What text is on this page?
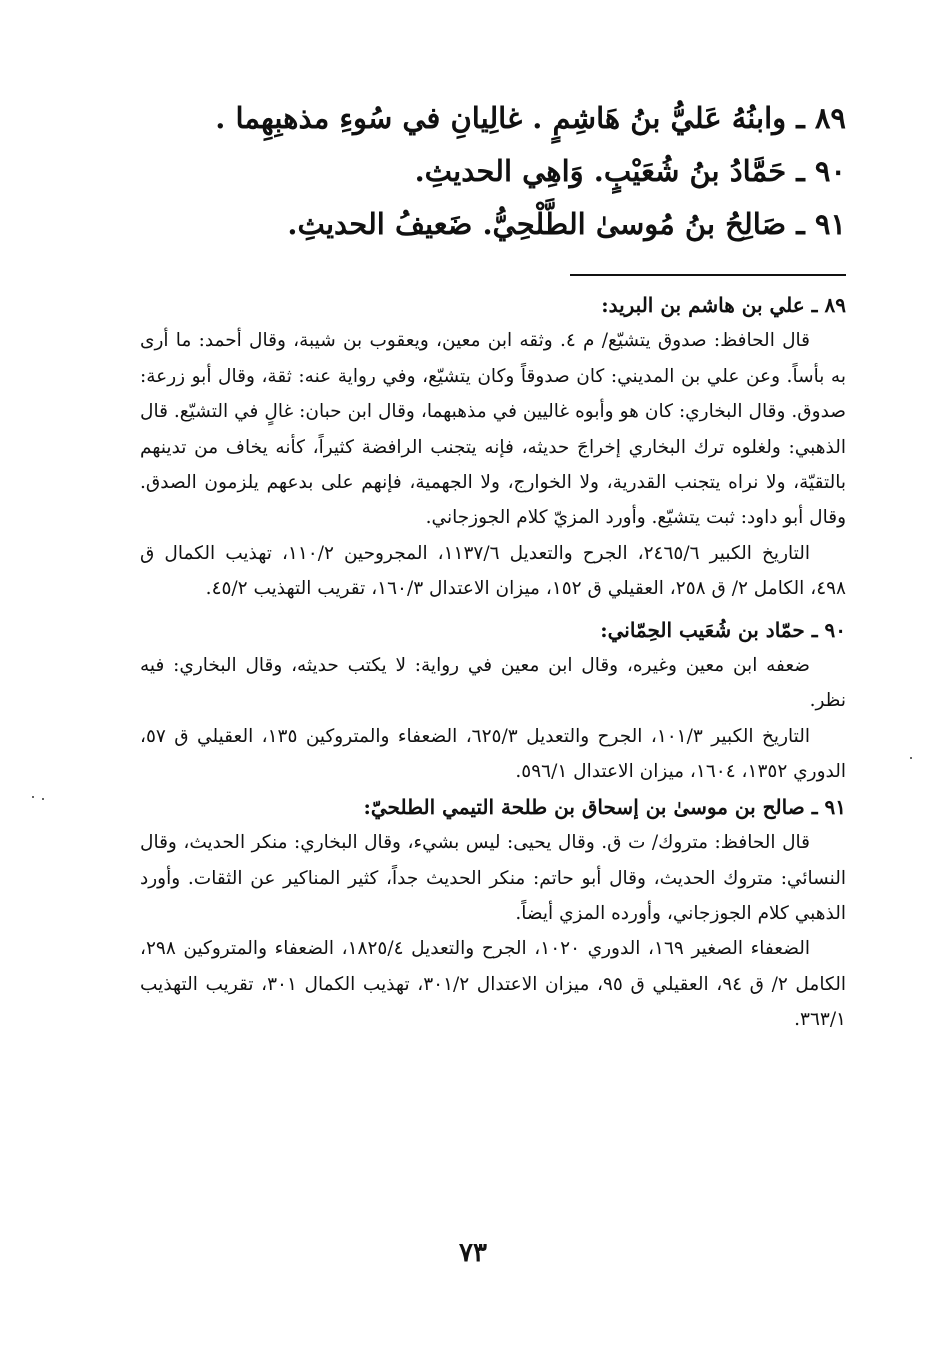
٨٩ ـ وابنُهُ عَليُّ بنُ هَاشِمٍ . غالِيانِ في سُوءِ مذهبِهِما .
٩٠ ـ حَمَّادُ بنُ شُعَيْبٍ. وَاهِي الحديثِ.
٩١ ـ صَالِحُ بنُ مُوسىٰ الطَّلْحِيُّ. ضَعيفُ الحديثِ.

٨٩ ـ علي بن هاشم بن البريد:

قال الحافظ: صدوق يتشيّع/ م ٤. وثقه ابن معين، ويعقوب بن شيبة، وقال أحمد: ما أرى به بأساً. وعن علي بن المديني: كان صدوقاً وكان يتشيّع، وفي رواية عنه: ثقة، وقال أبو زرعة: صدوق. وقال البخاري: كان هو وأبوه غاليين في مذهبهما، وقال ابن حبان: غالٍ في التشيّع. قال الذهبي: ولغلوه ترك البخاري إخراجَ حديثه، فإنه يتجنب الرافضة كثيراً، كأنه يخاف من تدينهم بالتقيّة، ولا نراه يتجنب القدرية، ولا الخوارج، ولا الجهمية، فإنهم على بدعهم يلزمون الصدق. وقال أبو داود: ثبت يتشيّع. وأورد المزيّ كلام الجوزجاني.

التاريخ الكبير ٢٤٦٥/٦، الجرح والتعديل ١١٣٧/٦، المجروحين ١١٠/٢، تهذيب الكمال ق ٤٩٨، الكامل ٢/ ق ٢٥٨، العقيلي ق ١٥٢، ميزان الاعتدال ١٦٠/٣، تقريب التهذيب ٤٥/٢.

٩٠ ـ حمّاد بن شُعَيب الحِمّاني:

ضعفه ابن معين وغيره، وقال ابن معين في رواية: لا يكتب حديثه، وقال البخاري: فيه نظر.

التاريخ الكبير ١٠١/٣، الجرح والتعديل ٦٢٥/٣، الضعفاء والمتروكين ١٣٥، العقيلي ق ٥٧، الدوري ١٣٥٢، ١٦٠٤، ميزان الاعتدال ٥٩٦/١.

٩١ ـ صالح بن موسىٰ بن إسحاق بن طلحة التيمي الطلحيّ:

قال الحافظ: متروك/ ت ق. وقال يحيى: ليس بشيء، وقال البخاري: منكر الحديث، وقال النسائي: متروك الحديث، وقال أبو حاتم: منكر الحديث جداً، كثير المناكير عن الثقات. وأورد الذهبي كلام الجوزجاني، وأورده المزي أيضاً.

الضعفاء الصغير ١٦٩، الدوري ١٠٢٠، الجرح والتعديل ١٨٢٥/٤، الضعفاء والمتروكين ٢٩٨، الكامل ٢/ ق ٩٤، العقيلي ق ٩٥، ميزان الاعتدال ٣٠١/٢، تهذيب الكمال ٣٠١، تقريب التهذيب ٣٦٣/١.

٧٣
